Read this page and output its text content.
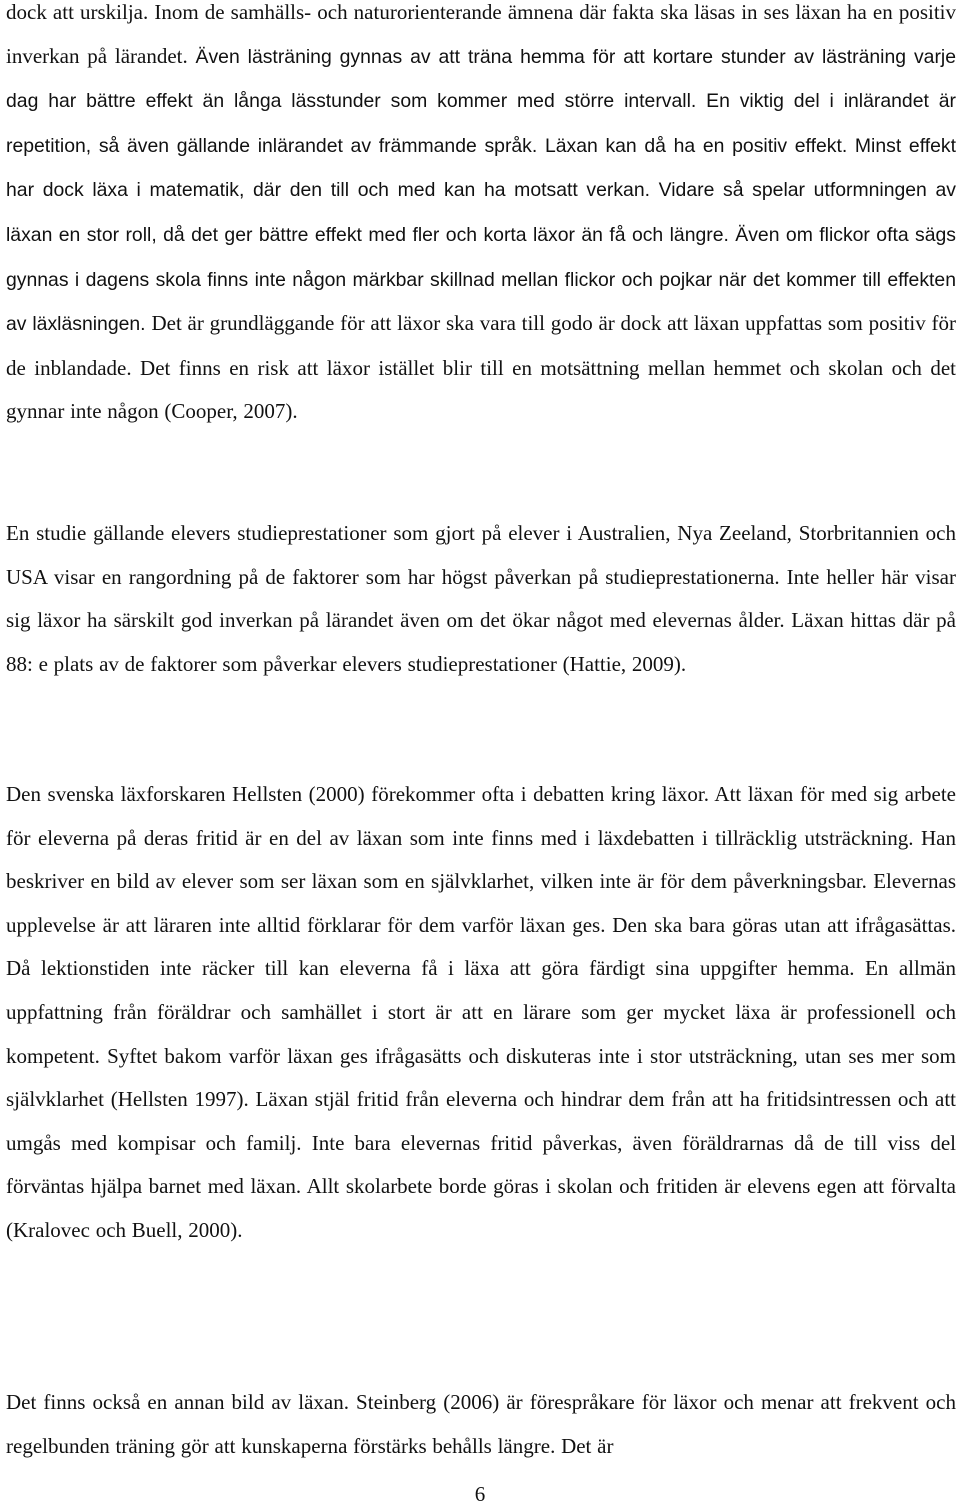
dock att urskilja. Inom de samhälls- och naturorienterande ämnena där fakta ska läsas in ses läxan ha en positiv inverkan på lärandet. Även lästräning gynnas av att träna hemma för att kortare stunder av lästräning varje dag har bättre effekt än långa lässtunder som kommer med större intervall. En viktig del i inlärandet är repetition, så även gällande inlärandet av främmande språk. Läxan kan då ha en positiv effekt. Minst effekt har dock läxa i matematik, där den till och med kan ha motsatt verkan. Vidare så spelar utformningen av läxan en stor roll, då det ger bättre effekt med fler och korta läxor än få och längre. Även om flickor ofta sägs gynnas i dagens skola finns inte någon märkbar skillnad mellan flickor och pojkar när det kommer till effekten av läxläsningen. Det är grundläggande för att läxor ska vara till godo är dock att läxan uppfattas som positiv för de inblandade. Det finns en risk att läxor istället blir till en motsättning mellan hemmet och skolan och det gynnar inte någon (Cooper, 2007).

En studie gällande elevers studieprestationer som gjort på elever i Australien, Nya Zeeland, Storbritannien och USA visar en rangordning på de faktorer som har högst påverkan på studieprestationerna. Inte heller här visar sig läxor ha särskilt god inverkan på lärandet även om det ökar något med elevernas ålder. Läxan hittas där på 88: e plats av de faktorer som påverkar elevers studieprestationer (Hattie, 2009).

Den svenska läxforskaren Hellsten (2000) förekommer ofta i debatten kring läxor. Att läxan för med sig arbete för eleverna på deras fritid är en del av läxan som inte finns med i läxdebatten i tillräcklig utsträckning. Han beskriver en bild av elever som ser läxan som en självklarhet, vilken inte är för dem påverkningsbar. Elevernas upplevelse är att läraren inte alltid förklarar för dem varför läxan ges. Den ska bara göras utan att ifrågasättas. Då lektionstiden inte räcker till kan eleverna få i läxa att göra färdigt sina uppgifter hemma. En allmän uppfattning från föräldrar och samhället i stort är att en lärare som ger mycket läxa är professionell och kompetent. Syftet bakom varför läxan ges ifrågasätts och diskuteras inte i stor utsträckning, utan ses mer som självklarhet (Hellsten 1997). Läxan stjäl fritid från eleverna och hindrar dem från att ha fritidsintressen och att umgås med kompisar och familj. Inte bara elevernas fritid påverkas, även föräldrarnas då de till viss del förväntas hjälpa barnet med läxan. Allt skolarbete borde göras i skolan och fritiden är elevens egen att förvalta (Kralovec och Buell, 2000).

Det finns också en annan bild av läxan. Steinberg (2006) är förespråkare för läxor och menar att frekvent och regelbunden träning gör att kunskaperna förstärks behålls längre. Det är

6
